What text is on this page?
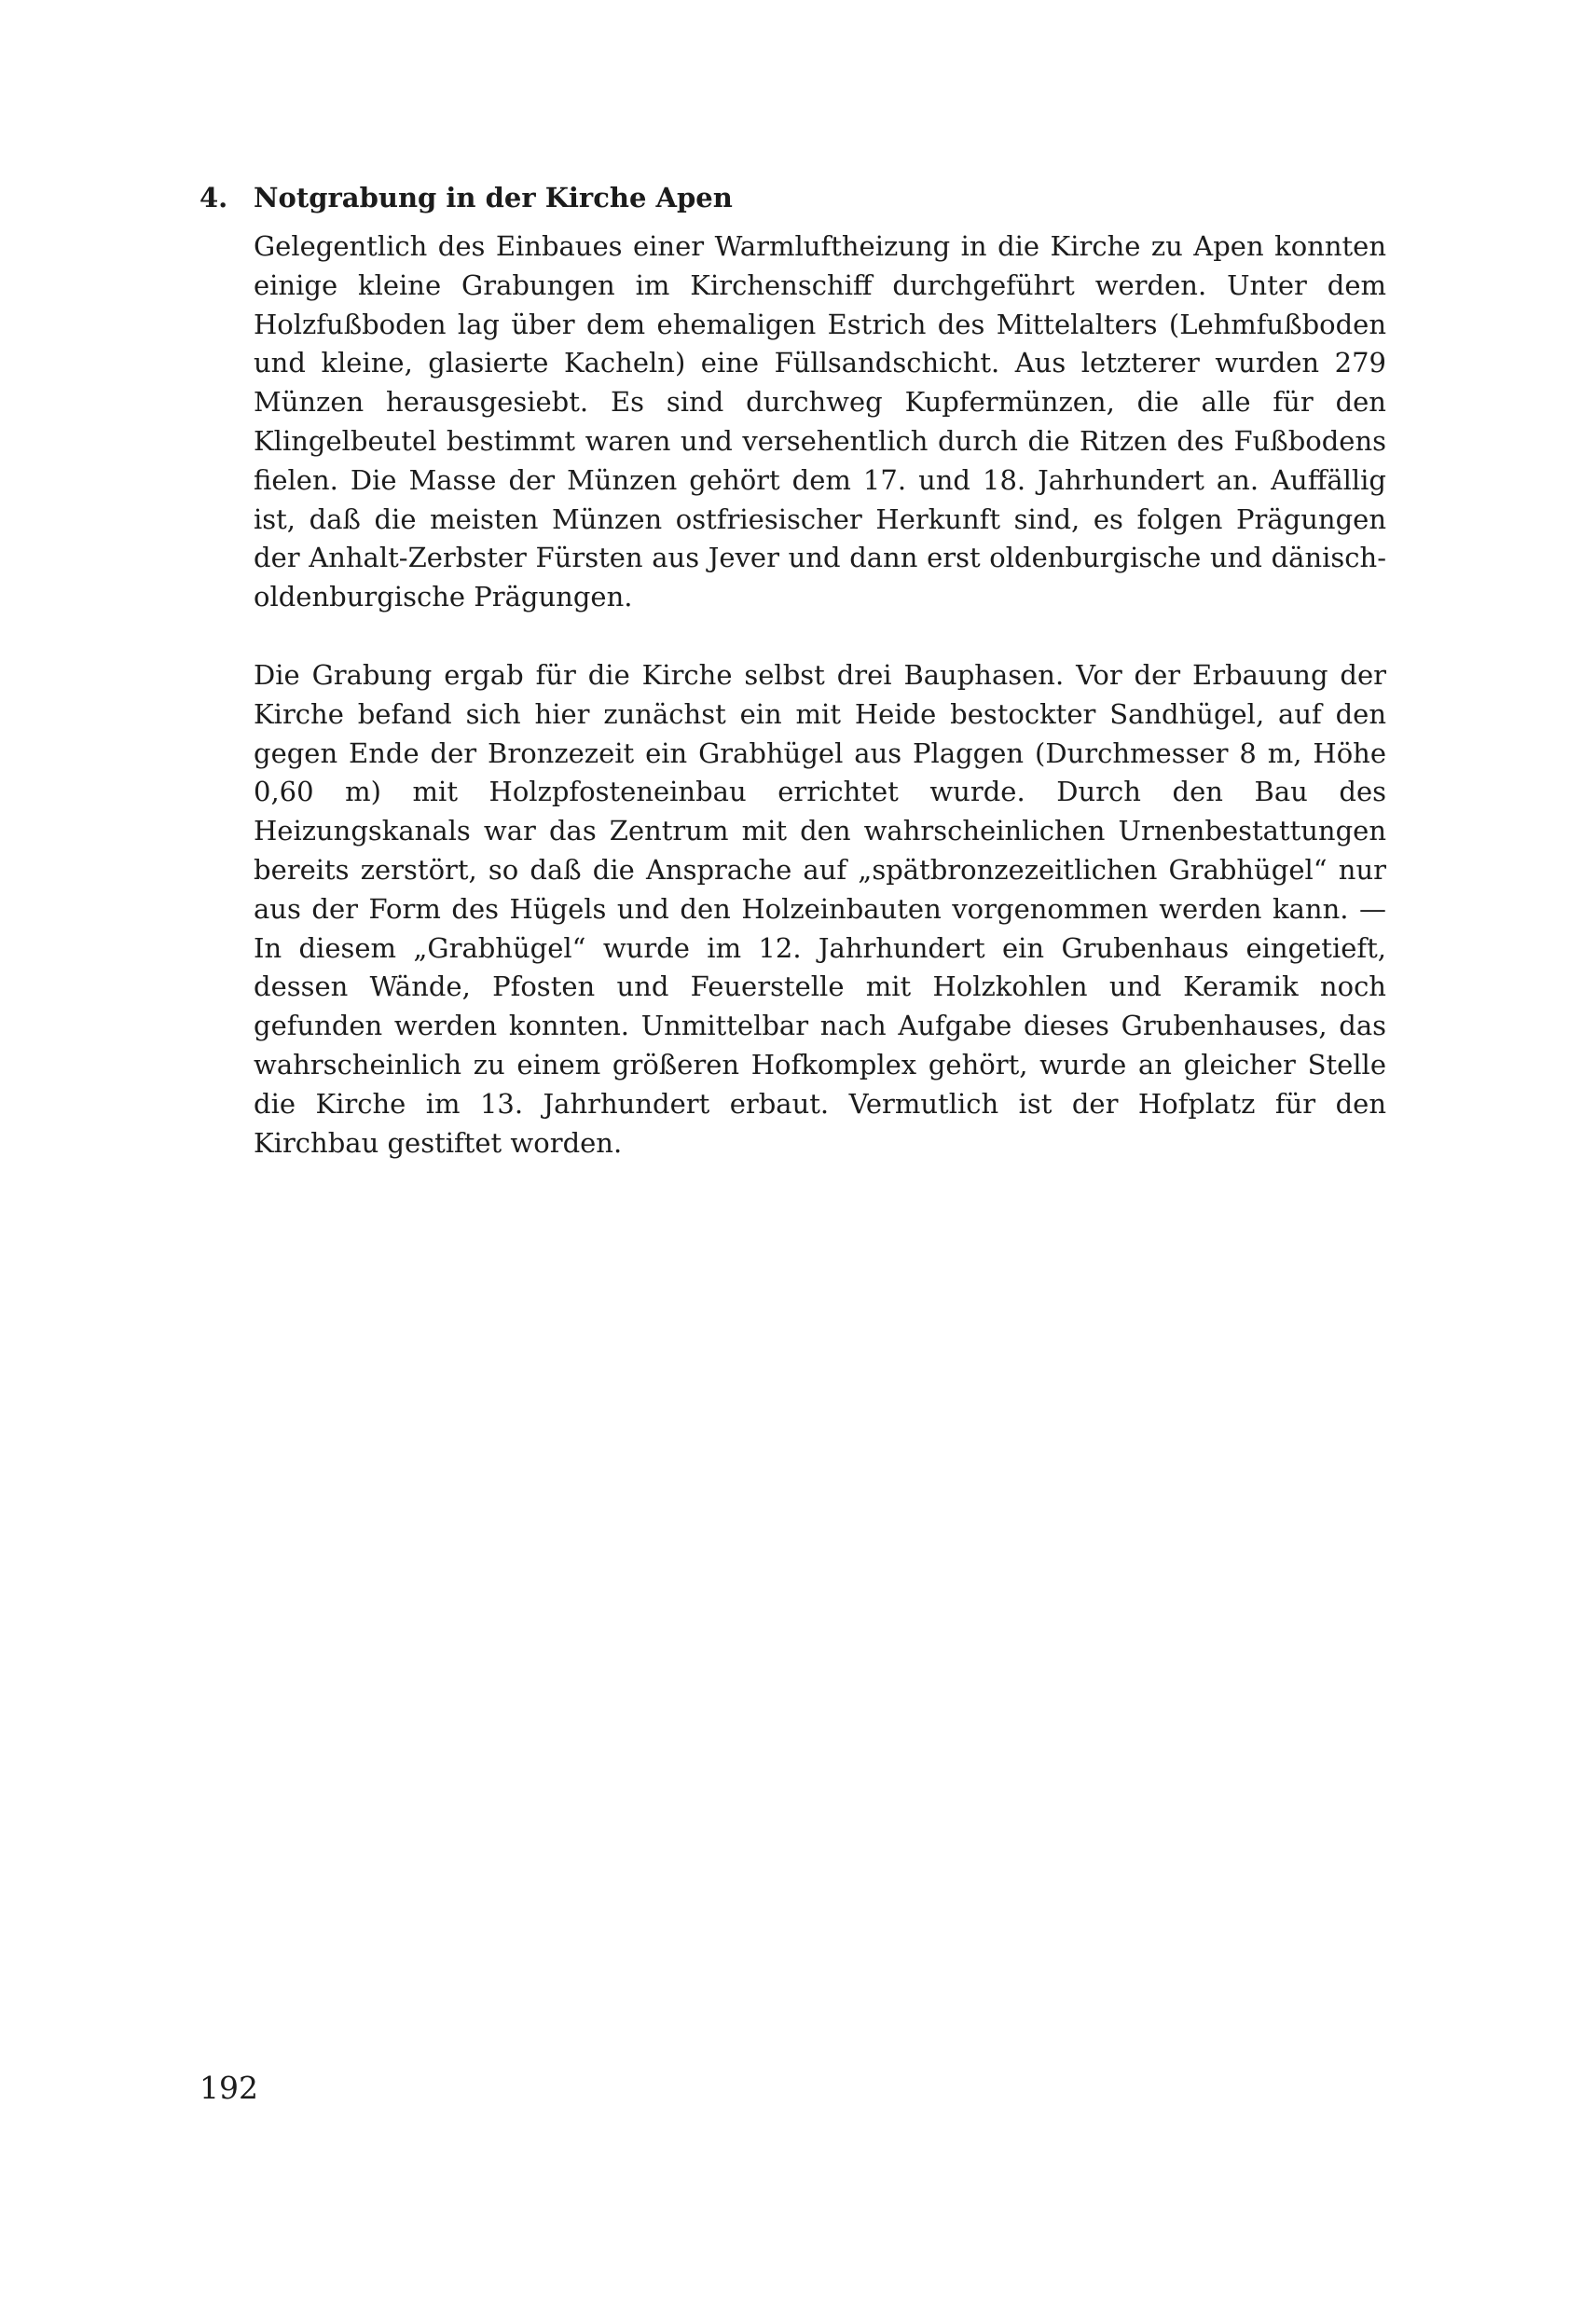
4. Notgrabung in der Kirche Apen

Gelegentlich des Einbaues einer Warmluftheizung in die Kirche zu Apen konnten einige kleine Grabungen im Kirchenschiff durchgeführt werden. Unter dem Holzfußboden lag über dem ehemaligen Estrich des Mittelalters (Lehmfußboden und kleine, glasierte Kacheln) eine Füllsandschicht. Aus letzterer wurden 279 Münzen herausgesiebt. Es sind durchweg Kupfermünzen, die alle für den Klingelbeutel bestimmt waren und versehentlich durch die Ritzen des Fußbodens fielen. Die Masse der Münzen gehört dem 17. und 18. Jahrhundert an. Auffällig ist, daß die meisten Münzen ostfriesischer Herkunft sind, es folgen Prägungen der Anhalt-Zerbster Fürsten aus Jever und dann erst oldenburgische und dänisch-oldenburgische Prägungen.

Die Grabung ergab für die Kirche selbst drei Bauphasen. Vor der Erbauung der Kirche befand sich hier zunächst ein mit Heide bestockter Sandhügel, auf den gegen Ende der Bronzezeit ein Grabhügel aus Plaggen (Durchmesser 8 m, Höhe 0,60 m) mit Holzpfosteneinbau errichtet wurde. Durch den Bau des Heizungskanals war das Zentrum mit den wahrscheinlichen Urnenbestattungen bereits zerstört, so daß die Ansprache auf „spätbronzezeitlichen Grabhügel“ nur aus der Form des Hügels und den Holzeinbauten vorgenommen werden kann. — In diesem „Grabhügel“ wurde im 12. Jahrhundert ein Grubenhaus eingetieft, dessen Wände, Pfosten und Feuerstelle mit Holzkohlen und Keramik noch gefunden werden konnten. Unmittelbar nach Aufgabe dieses Grubenhauses, das wahrscheinlich zu einem größeren Hofkomplex gehört, wurde an gleicher Stelle die Kirche im 13. Jahrhundert erbaut. Vermutlich ist der Hofplatz für den Kirchbau gestiftet worden.

192
